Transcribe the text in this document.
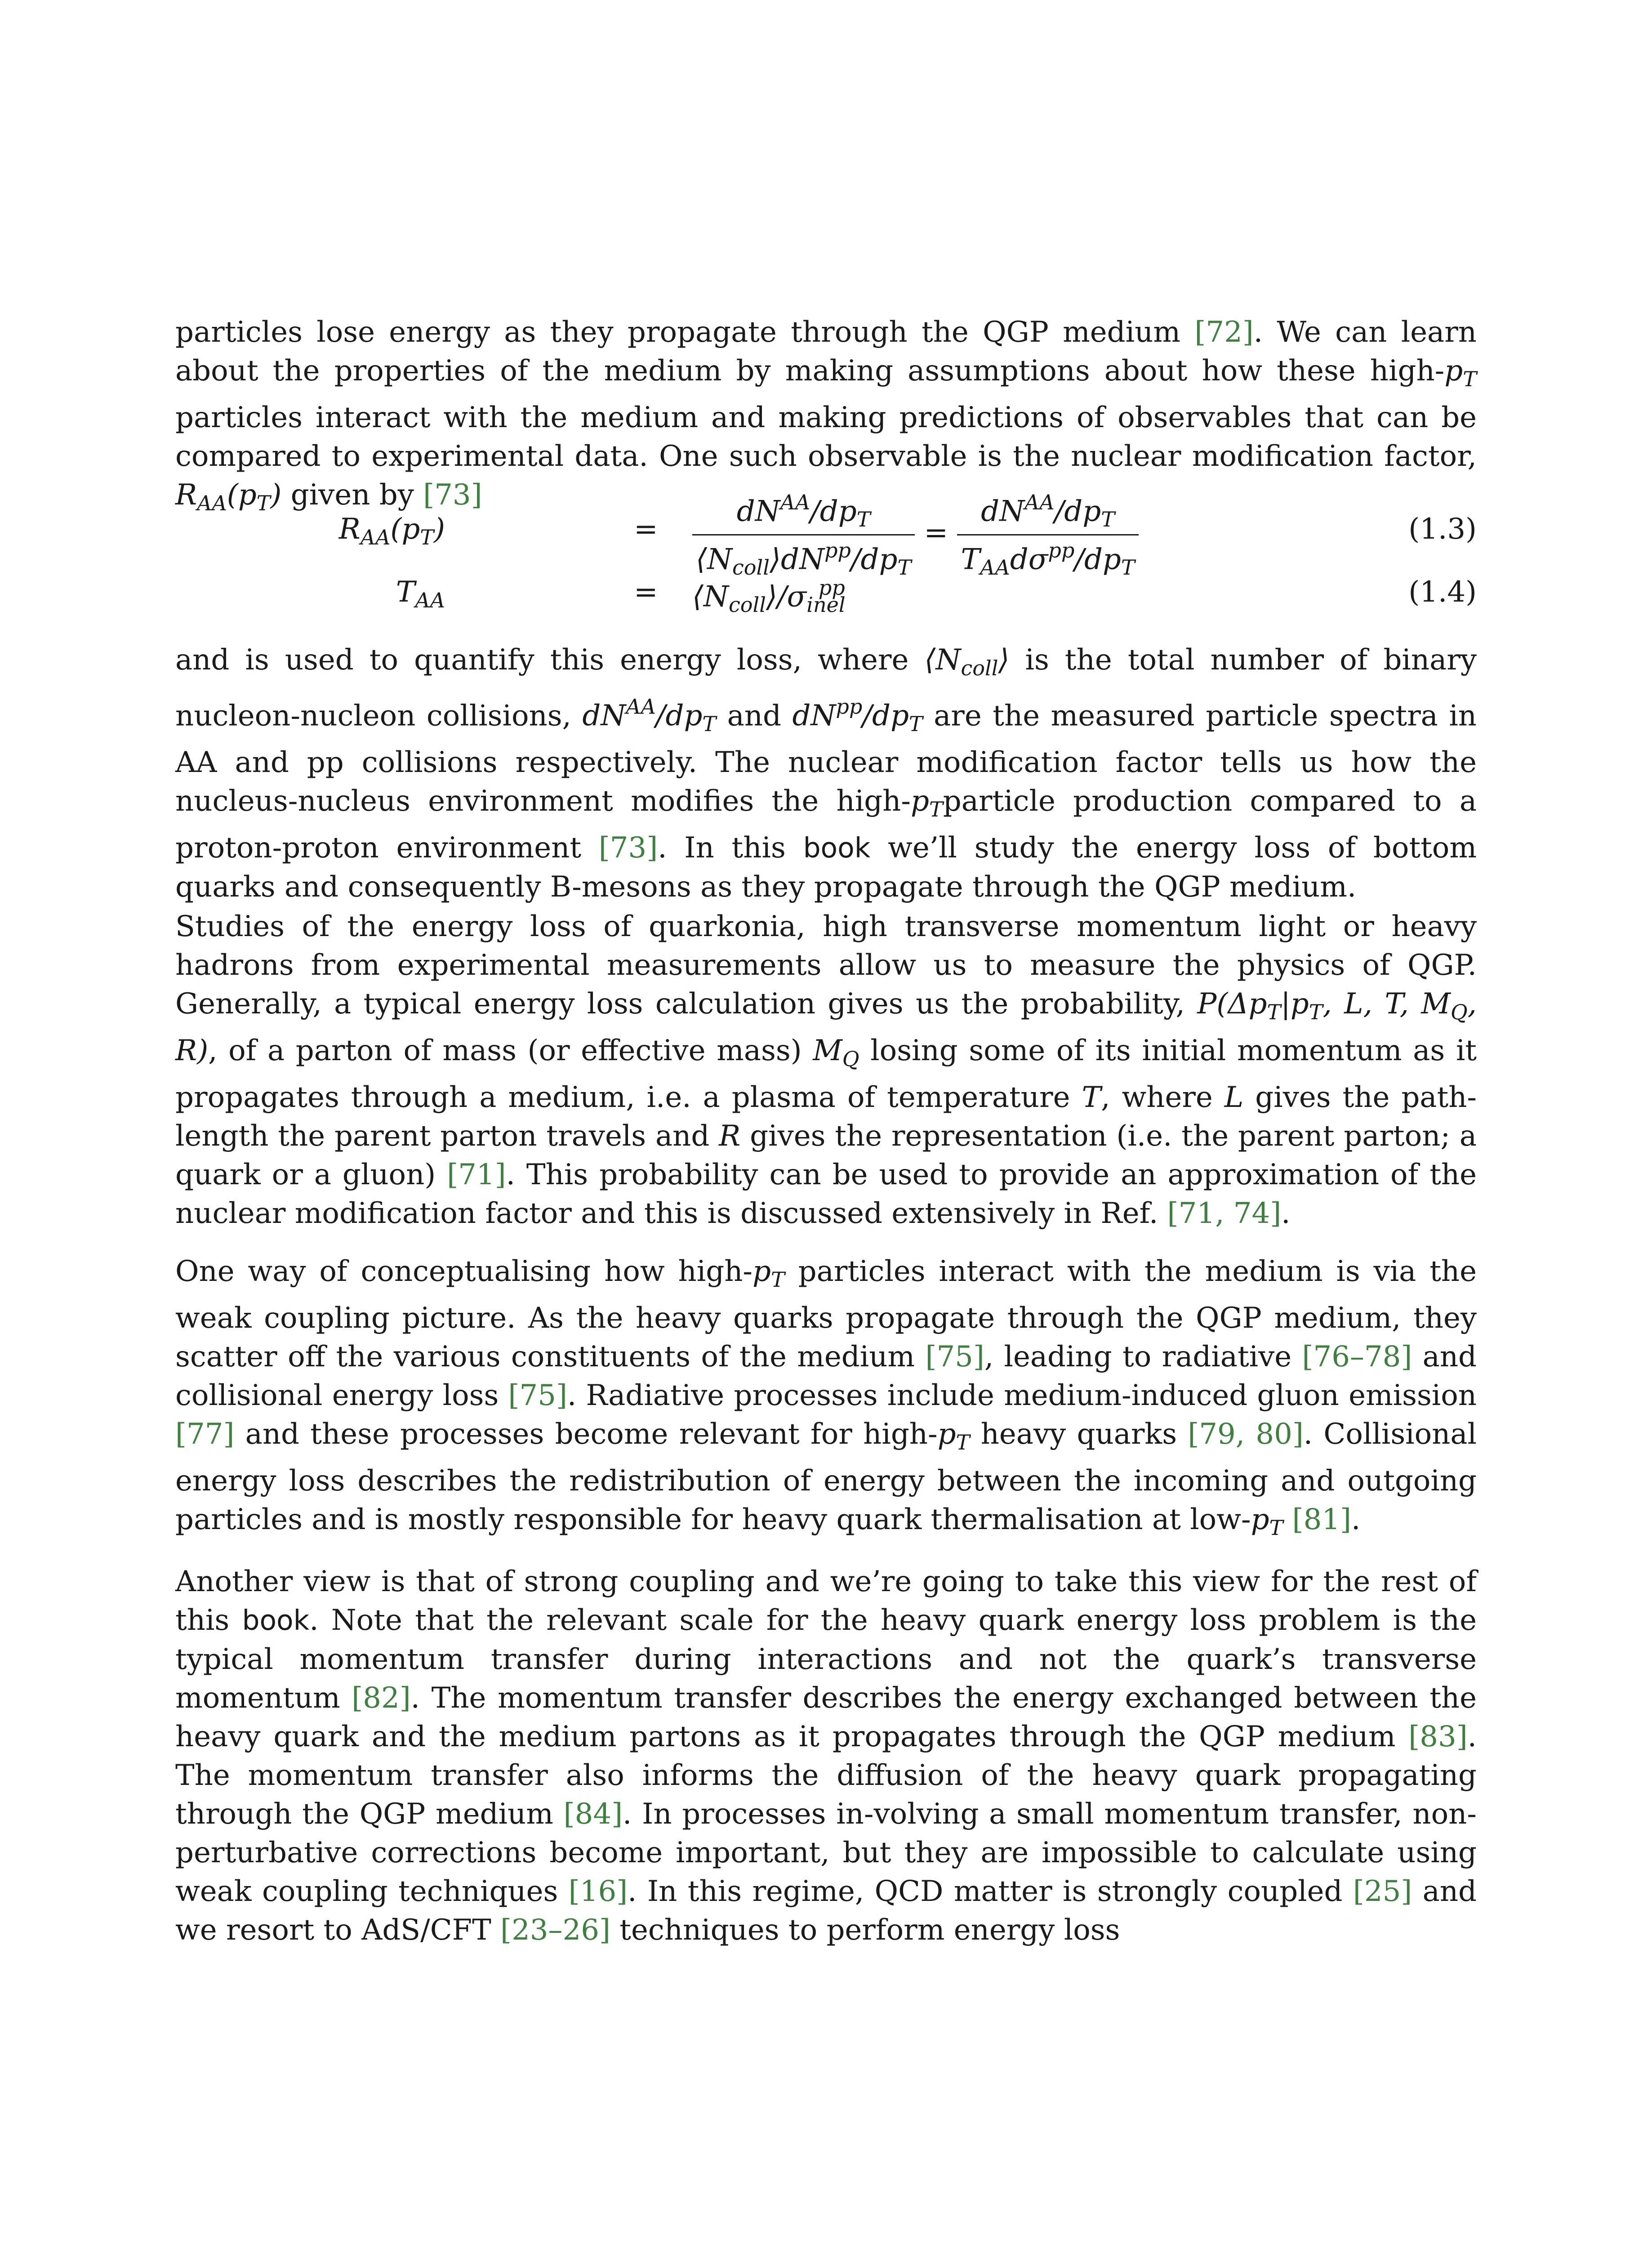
particles lose energy as they propagate through the QGP medium [72]. We can learn about the properties of the medium by making assumptions about how these high-$p_T$ particles interact with the medium and making predictions of observables that can be compared to experimental data. One such observable is the nuclear modification factor, $R_{AA}(p_T)$ given by [73]

$R_{AA}(p_T)$	= $\frac{dN^{AA}/dp_T}{⟨N_{coll}⟩dN^{pp}/dp_T} = \frac{dN^{AA}/dp_T}{T_{AA}d\sigma^{pp}/dp_T}$	(1.3)
$T_{AA}$	= $⟨N_{coll}⟩/\sigma_{inel}^{pp}$	(1.4)

and is used to quantify this energy loss, where $⟨N_{coll}⟩$ is the total number of binary nucleon-nucleon collisions, $dN^{AA}/dp_T$ and $dN^{pp}/dp_T$ are the measured particle spectra in AA and pp collisions respectively. The nuclear modification factor tells us how the nucleus-nucleus environment modifies the high-$p_Tparticle$ production compared to a proton-proton environment [73]. In this book we’ll study the energy loss of bottom quarks and consequently B-mesons as they propagate through the QGP medium.

Studies of the energy loss of quarkonia, high transverse momentum light or heavy hadrons from experimental measurements allow us to measure the physics of QGP. Generally, a typical energy loss calculation gives us the probability, $P(\Delta p_T|p_T$, L, T, $M_Q$, R), of a parton of mass (or effective mass) $M_Q$ losing some of its initial momentum as it propagates through a medium, i.e. a plasma of temperature T, where L gives the path-length the parent parton travels and R gives the representation (i.e. the parent parton; a quark or a gluon) [71]. This probability can be used to provide an approximation of the nuclear modification factor and this is discussed extensively in Ref. [71, 74].

One way of conceptualising how high-$p_T$ particles interact with the medium is via the weak coupling picture. As the heavy quarks propagate through the QGP medium, they scatter off the various constituents of the medium [75], leading to radiative [76–78] and collisional energy loss [75]. Radiative processes include medium-induced gluon emission [77] and these processes become relevant for high-$p_T$ heavy quarks [79, 80]. Collisional energy loss describes the redistribution of energy between the incoming and outgoing particles and is mostly responsible for heavy quark thermalisation at low-$p_T$ [81].

Another view is that of strong coupling and we’re going to take this view for the rest of this book. Note that the relevant scale for the heavy quark energy loss problem is the typical momentum transfer during interactions and not the quark’s transverse momentum [82]. The momentum transfer describes the energy exchanged between the heavy quark and the medium partons as it propagates through the QGP medium [83]. The momentum transfer also informs the diffusion of the heavy quark propagating through the QGP medium [84]. In processes in-volving a small momentum transfer, non-perturbative corrections become important, but they are impossible to calculate using weak coupling techniques [16]. In this regime, QCD matter is strongly coupled [25] and we resort to AdS/CFT [23–26] techniques to perform energy loss
